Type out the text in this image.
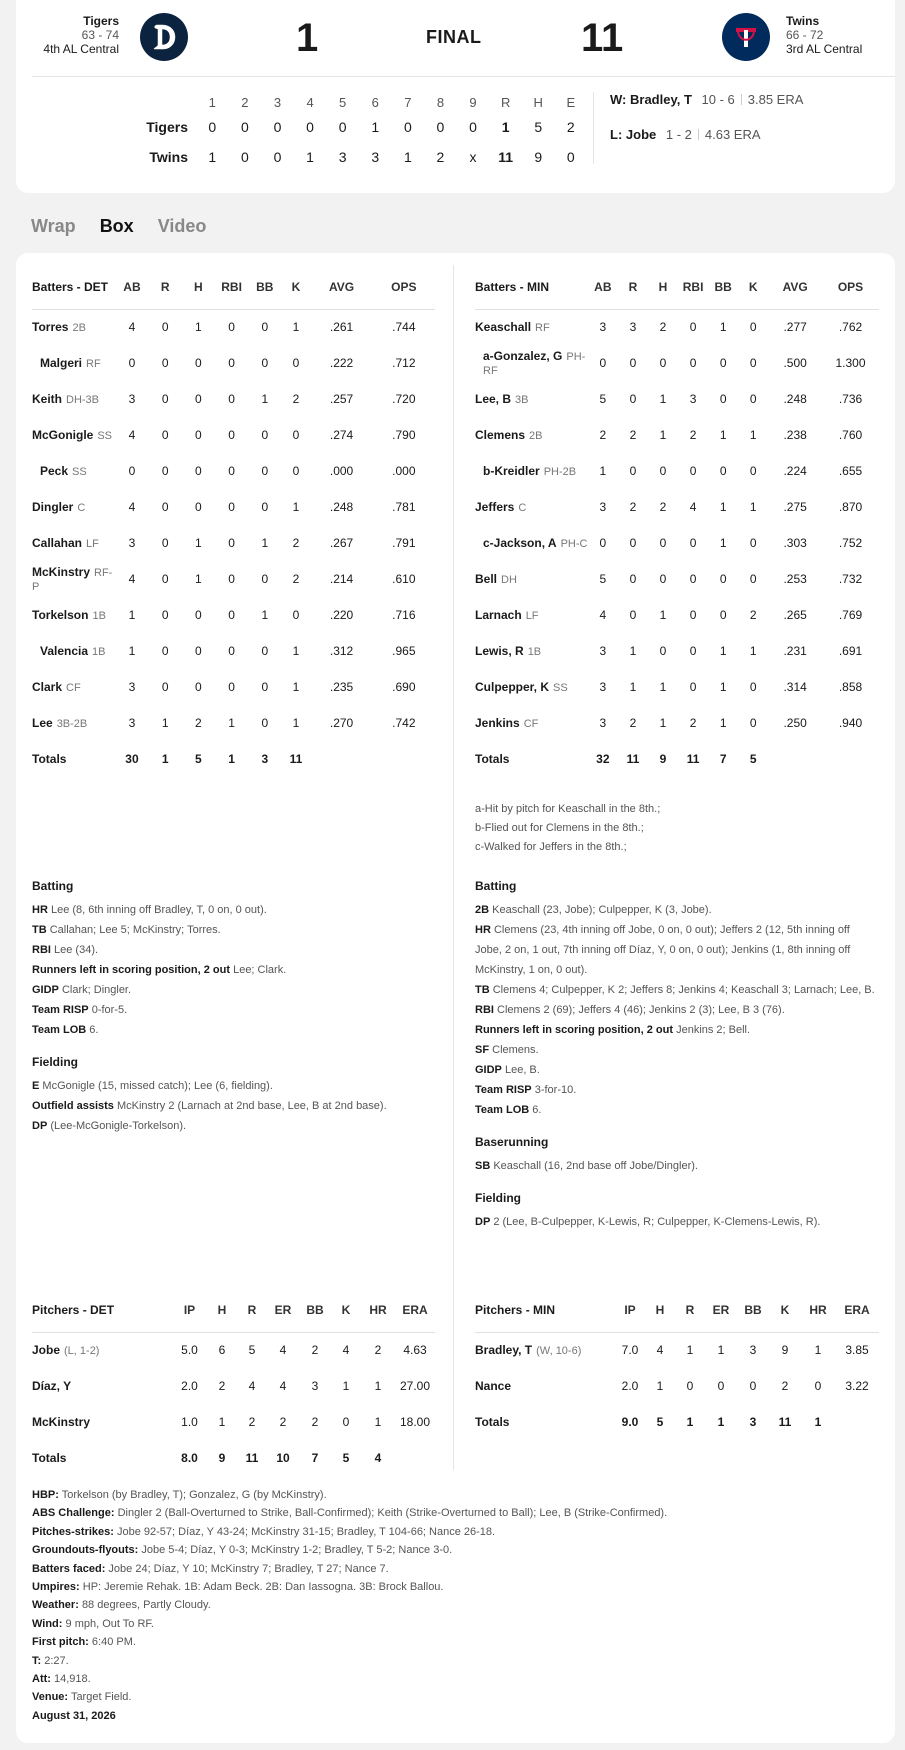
Tigers
63 - 74
4th AL Central	1	FINAL 11	Twins
66 - 72
3rd AL Central
	1	2	3	4	5	6	7	8	9	R	H	E
Tigers	0	0	0	0	0	1	0	0	0	1	5	2
Twins	1	0	0	1	3	3	1	2	x	11	9	0
W: Bradley, T 10 - 6 3.85 ERA
L: Jobe 1 - 2 4.63 ERA
Wrap Box Video
Batters - DET	AB	R	H	RBI	BB	K	AVG	OPS
Torres 2B	4	0	1	0	0	1	.261	.744
Malgeri RF	0	0	0	0	0	0	.222	.712
Keith DH-3B	3	0	0	0	1	2	.257	.720
McGonigle SS	4	0	0	0	0	0	.274	.790
Peck SS	0	0	0	0	0	0	.000	.000
Dingler C	4	0	0	0	0	1	.248	.781
Callahan LF	3	0	1	0	1	2	.267	.791
McKinstry RF-P	4	0	1	0	0	2	.214	.610
Torkelson 1B	1	0	0	0	1	0	.220	.716
Valencia 1B	1	0	0	0	0	1	.312	.965
Clark CF	3	0	0	0	0	1	.235	.690
Lee 3B-2B	3	1	2	1	0	1	.270	.742
Totals	30	1	5	1	3	11		
Batters - MIN	AB	R	H	RBI	BB	K	AVG	OPS
Keaschall RF	3	3	2	0	1	0	.277	.762
a-Gonzalez, G PH-RF	0	0	0	0	0	0	.500	1.300
Lee, B 3B	5	0	1	3	0	0	.248	.736
Clemens 2B	2	2	1	2	1	1	.238	.760
b-Kreidler PH-2B	1	0	0	0	0	0	.224	.655
Jeffers C	3	2	2	4	1	1	.275	.870
c-Jackson, A PH-C	0	0	0	0	1	0	.303	.752
Bell DH	5	0	0	0	0	0	.253	.732
Larnach LF	4	0	1	0	0	2	.265	.769
Lewis, R 1B	3	1	0	0	1	1	.231	.691
Culpepper, K SS	3	1	1	0	1	0	.314	.858
Jenkins CF	3	2	1	2	1	0	.250	.940
Totals	32	11	9	11	7	5		
a-Hit by pitch for Keaschall in the 8th.;
b-Flied out for Clemens in the 8th.;
c-Walked for Jeffers in the 8th.;
Batting

HR Lee (8, 6th inning off Bradley, T, 0 on, 0 out).

TB Callahan; Lee 5; McKinstry; Torres.

RBI Lee (34).

Runners left in scoring position, 2 out Lee; Clark.

GIDP Clark; Dingler.

Team RISP 0-for-5.

Team LOB 6.

Fielding

E McGonigle (15, missed catch); Lee (6, fielding).

Outfield assists McKinstry 2 (Larnach at 2nd base, Lee, B at 2nd base).

DP (Lee-McGonigle-Torkelson).

Batting

2B Keaschall (23, Jobe); Culpepper, K (3, Jobe).

HR Clemens (23, 4th inning off Jobe, 0 on, 0 out); Jeffers 2 (12, 5th inning off Jobe, 2 on, 1 out, 7th inning off Díaz, Y, 0 on, 0 out); Jenkins (1, 8th inning off McKinstry, 1 on, 0 out).

TB Clemens 4; Culpepper, K 2; Jeffers 8; Jenkins 4; Keaschall 3; Larnach; Lee, B.

RBI Clemens 2 (69); Jeffers 4 (46); Jenkins 2 (3); Lee, B 3 (76).

Runners left in scoring position, 2 out Jenkins 2; Bell.

SF Clemens.

GIDP Lee, B.

Team RISP 3-for-10.

Team LOB 6.

Baserunning

SB Keaschall (16, 2nd base off Jobe/Dingler).

Fielding

DP 2 (Lee, B-Culpepper, K-Lewis, R; Culpepper, K-Clemens-Lewis, R).

Pitchers - DET	IP	H	R	ER	BB	K	HR	ERA
Jobe (L, 1-2)	5.0	6	5	4	2	4	2	4.63
Díaz, Y	2.0	2	4	4	3	1	1	27.00
McKinstry	1.0	1	2	2	2	0	1	18.00
Totals	8.0	9	11	10	7	5	4	
Pitchers - MIN	IP	H	R	ER	BB	K	HR	ERA
Bradley, T (W, 10-6)	7.0	4	1	1	3	9	1	3.85
Nance	2.0	1	0	0	0	2	0	3.22
Totals	9.0	5	1	1	3	11	1	
HBP: Torkelson (by Bradley, T); Gonzalez, G (by McKinstry).
ABS Challenge: Dingler 2 (Ball-Overturned to Strike, Ball-Confirmed); Keith (Strike-Overturned to Ball); Lee, B (Strike-Confirmed).
Pitches-strikes: Jobe 92-57; Díaz, Y 43-24; McKinstry 31-15; Bradley, T 104-66; Nance 26-18.
Groundouts-flyouts: Jobe 5-4; Díaz, Y 0-3; McKinstry 1-2; Bradley, T 5-2; Nance 3-0.
Batters faced: Jobe 24; Díaz, Y 10; McKinstry 7; Bradley, T 27; Nance 7.
Umpires: HP: Jeremie Rehak. 1B: Adam Beck. 2B: Dan Iassogna. 3B: Brock Ballou.
Weather: 88 degrees, Partly Cloudy.
Wind: 9 mph, Out To RF.
First pitch: 6:40 PM.
T: 2:27.
Att: 14,918.
Venue: Target Field.
August 31, 2026
